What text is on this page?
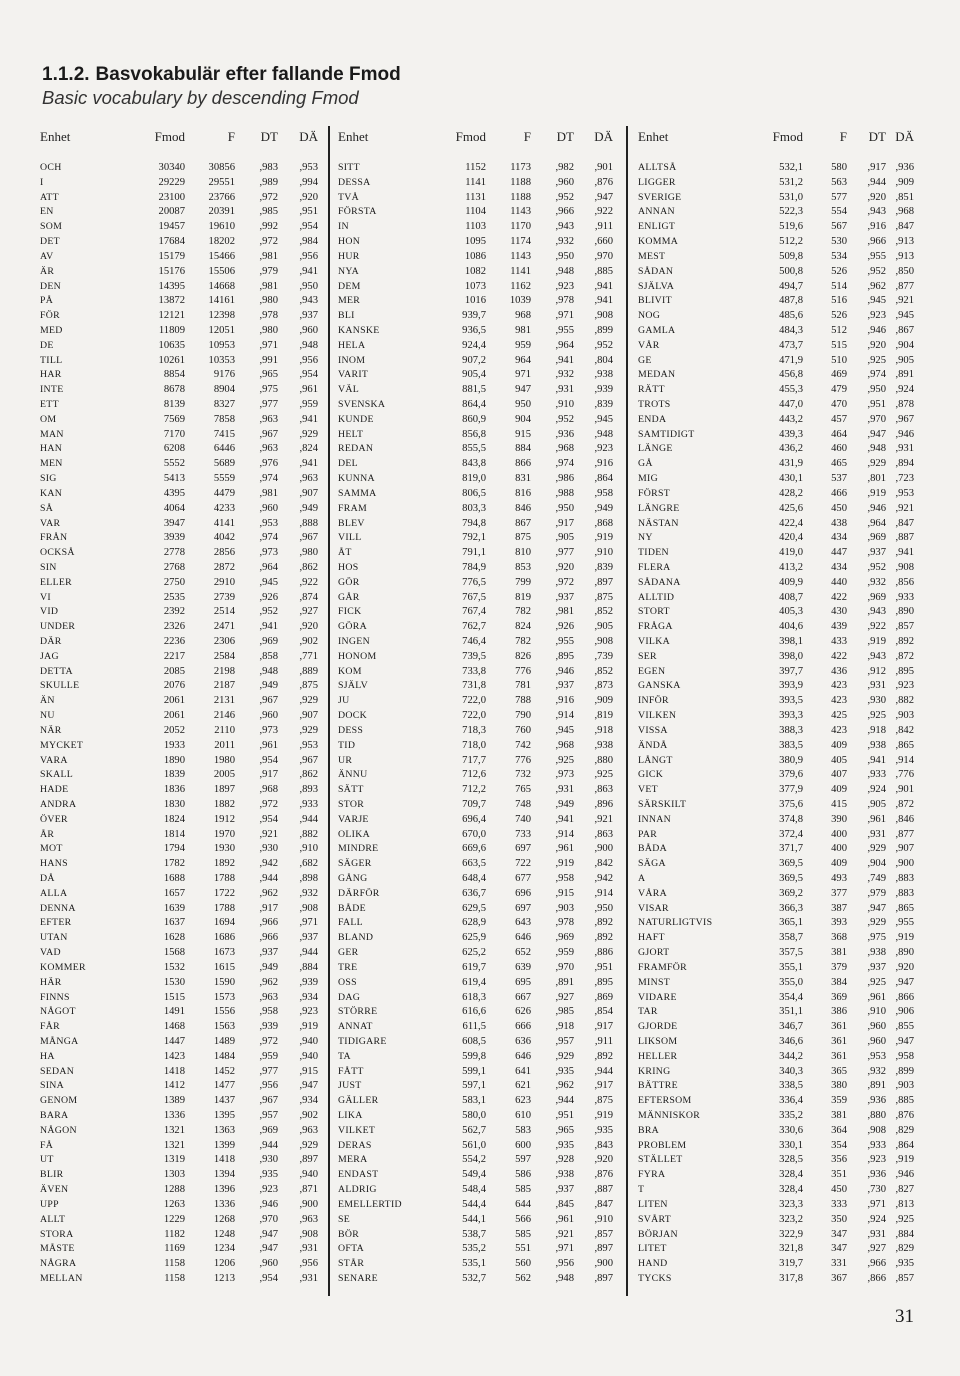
1.1.2. Basvokabulär efter fallande Fmod
Basic vocabulary by descending Fmod
Enhet	Fmod	F DT DÄ
OCH	30340 30856 ,983 ,953
I	29229 29551 ,989 ,994
ATT	23100 23766 ,972 ,920
EN	20087 20391 ,985 ,951
SOM	19457 19610 ,992 ,954
DET	17684 18202 ,972 ,984
AV	15179 15466 ,981 ,956
ÄR	15176 15506 ,979 ,941
DEN	14395 14668 ,981 ,950
PÅ	13872 14161 ,980 ,943
FÖR	12121 12398 ,978 ,937
MED	11809 12051 ,980 ,960
DE	10635 10953 ,971 ,948
TILL	10261 10353 ,991 ,956
HAR	8854	9176 ,965 ,954
INTE	8678	8904 ,975 ,961
ETT	8139	8327 ,977 ,959
OM	7569	7858 ,963 ,941
MAN	7170	7415 ,967 ,929
HAN	6208	6446 ,963 ,824
MEN	5552	5689 ,976 ,941
SIG	5413	5559 ,974 ,963
KAN	4395	4479 ,981 ,907
SÅ	4064	4233 ,960 ,949
VAR	3947	4141 ,953 ,888
FRÅN	3939	4042 ,974 ,967
OCKSÅ	2778	2856 ,973 ,980
SIN	2768	2872 ,964 ,862
ELLER	2750	2910 ,945 ,922
VI	2535	2739 ,926 ,874
VID	2392	2514 ,952 ,927
UNDER	2326	2471 ,941 ,920
DÄR	2236	2306 ,969 ,902
JAG	2217	2584 ,858 ,771
DETTA	2085	2198 ,948 ,889
SKULLE	2076	2187 ,949 ,875
ÄN	2061	2131 ,967 ,929
NU	2061	2146 ,960 ,907
NÄR	2052	2110 ,973 ,929
MYCKET	1933	2011 ,961 ,953
VARA	1890	1980 ,954 ,967
SKALL	1839	2005 ,917 ,862
HADE	1836	1897 ,968 ,893
ANDRA	1830	1882 ,972 ,933
ÖVER	1824	1912 ,954 ,944
ÅR	1814	1970 ,921 ,882
MOT	1794	1930 ,930 ,910
HANS	1782	1892 ,942 ,682
DÅ	1688	1788 ,944 ,898
ALLA	1657	1722 ,962 ,932
DENNA	1639	1788 ,917 ,908
EFTER	1637	1694 ,966 ,971
UTAN	1628	1686 ,966 ,937
VAD	1568	1673 ,937 ,944
KOMMER	1532	1615 ,949 ,884
HÄR	1530	1590 ,962 ,939
FINNS	1515	1573 ,963 ,934
NÅGOT	1491	1556 ,958 ,923
FÅR	1468	1563 ,939 ,919
MÅNGA	1447	1489 ,972 ,940
HA	1423	1484 ,959 ,940
SEDAN	1418	1452 ,977 ,915
SINA	1412	1477 ,956 ,947
GENOM	1389	1437 ,967 ,934
BARA	1336	1395 ,957 ,902
NÅGON	1321	1363 ,969 ,963
FÅ	1321	1399 ,944 ,929
UT	1319	1418 ,930 ,897
BLIR	1303	1394 ,935 ,940
ÄVEN	1288	1396 ,923 ,871
UPP	1263	1336 ,946 ,900
ALLT	1229	1268 ,970 ,963
STORA	1182	1248 ,947 ,908
MÅSTE	1169	1234 ,947 ,931
NÅGRA	1158	1206 ,960 ,956
MELLAN	1158	1213 ,954 ,931
Enhet	Fmod	F DT DÄ
SITT	1152 1173 ,982 ,901
DESSA	1141 1188 ,960 ,876
TVÅ	1131 1188 ,952 ,947
FÖRSTA	1104 1143 ,966 ,922
IN	1103 1170 ,943 ,911
HON	1095 1174 ,932 ,660
HUR	1086 1143 ,950 ,970
NYA	1082 1141 ,948 ,885
DEM	1073 1162 ,923 ,941
MER	1016 1039 ,978 ,941
BLI	939,7	968 ,971 ,908
KANSKE	936,5	981 ,955 ,899
HELA	924,4	959 ,964 ,952
INOM	907,2	964 ,941 ,804
VARIT	905,4	971 ,932 ,938
VÄL	881,5	947 ,931 ,939
SVENSKA	864,4	950 ,910 ,839
KUNDE	860,9	904 ,952 ,945
HELT	856,8	915 ,936 ,948
REDAN	855,5	884 ,968 ,923
DEL	843,8	866 ,974 ,916
KUNNA	819,0	831 ,986 ,864
SAMMA	806,5	816 ,988 ,958
FRAM	803,3	846 ,950 ,949
BLEV	794,8	867 ,917 ,868
VILL	792,1	875 ,905 ,919
ÅT	791,1	810 ,977 ,910
HOS	784,9	853 ,920 ,839
GÖR	776,5	799 ,972 ,897
GÅR	767,5	819 ,937 ,875
FICK	767,4	782 ,981 ,852
GÖRA	762,7	824 ,926 ,905
INGEN	746,4	782 ,955 ,908
HONOM	739,5	826 ,895 ,739
KOM	733,8	776 ,946 ,852
SJÄLV	731,8	781 ,937 ,873
JU	722,0	788 ,916 ,909
DOCK	722,0	790 ,914 ,819
DESS	718,3	760 ,945 ,918
TID	718,0	742 ,968 ,938
UR	717,7	776 ,925 ,880
ÄNNU	712,6	732 ,973 ,925
SÄTT	712,2	765 ,931 ,863
STOR	709,7	748 ,949 ,896
VARJE	696,4	740 ,941 ,921
OLIKA	670,0	733 ,914 ,863
MINDRE	669,6	697 ,961 ,900
SÄGER	663,5	722 ,919 ,842
GÅNG	648,4	677 ,958 ,942
DÄRFÖR	636,7	696 ,915 ,914
BÅDE	629,5	697 ,903 ,950
FALL	628,9	643 ,978 ,892
BLAND	625,9	646 ,969 ,892
GER	625,2	652 ,959 ,886
TRE	619,7	639 ,970 ,951
OSS	619,4	695 ,891 ,895
DAG	618,3	667 ,927 ,869
STÖRRE	616,6	626 ,985 ,854
ANNAT	611,5	666 ,918 ,917
TIDIGARE	608,5	636 ,957 ,911
TA	599,8	646 ,929 ,892
FÅTT	599,1	641 ,935 ,944
JUST	597,1	621 ,962 ,917
GÄLLER	583,1	623 ,944 ,875
LIKA	580,0	610 ,951 ,919
VILKET	562,7	583 ,965 ,935
DERAS	561,0	600 ,935 ,843
MERA	554,2	597 ,928 ,920
ENDAST	549,4	586 ,938 ,876
ALDRIG	548,4	585 ,937 ,887
EMELLERTID	544,4	644 ,845 ,847
SE	544,1	566 ,961 ,910
BÖR	538,7	585 ,921 ,857
OFTA	535,2	551 ,971 ,897
STÅR	535,1	560 ,956 ,900
SENARE	532,7	562 ,948 ,897
Enhet	Fmod	F DT DÄ
ALLTSÅ	532,1	580 ,917 ,936
LIGGER	531,2	563 ,944 ,909
SVERIGE	531,0	577 ,920 ,851
ANNAN	522,3	554 ,943 ,968
ENLIGT	519,6	567 ,916 ,847
KOMMA	512,2	530 ,966 ,913
MEST	509,8	534 ,955 ,913
SÅDAN	500,8	526 ,952 ,850
SJÄLVA	494,7	514 ,962 ,877
BLIVIT	487,8	516 ,945 ,921
NOG	485,6	526 ,923 ,945
GAMLA	484,3	512 ,946 ,867
VÅR	473,7	515 ,920 ,904
GE	471,9	510 ,925 ,905
MEDAN	456,8	469 ,974 ,891
RÄTT	455,3	479 ,950 ,924
TROTS	447,0	470 ,951 ,878
ENDA	443,2	457 ,970 ,967
SAMTIDIGT	439,3	464 ,947 ,946
LÄNGE	436,2	460 ,948 ,931
GÅ	431,9	465 ,929 ,894
MIG	430,1	537 ,801 ,723
FÖRST	428,2	466 ,919 ,953
LÄNGRE	425,6	450 ,946 ,921
NÄSTAN	422,4	438 ,964 ,847
NY	420,4	434 ,969 ,887
TIDEN	419,0	447 ,937 ,941
FLERA	413,2	434 ,952 ,908
SÅDANA	409,9	440 ,932 ,856
ALLTID	408,7	422 ,969 ,933
STORT	405,3	430 ,943 ,890
FRÅGA	404,6	439 ,922 ,857
VILKA	398,1	433 ,919 ,892
SER	398,0	422 ,943 ,872
EGEN	397,7	436 ,912 ,895
GANSKA	393,9	423 ,931 ,923
INFÖR	393,5	423 ,930 ,882
VILKEN	393,3	425 ,925 ,903
VISSA	388,3	423 ,918 ,842
ÄNDÅ	383,5	409 ,938 ,865
LÅNGT	380,9	405 ,941 ,914
GICK	379,6	407 ,933 ,776
VET	377,9	409 ,924 ,901
SÄRSKILT	375,6	415 ,905 ,872
INNAN	374,8	390 ,961 ,846
PAR	372,4	400 ,931 ,877
BÅDA	371,7	400 ,929 ,907
SÄGA	369,5	409 ,904 ,900
A	369,5	493 ,749 ,883
VÅRA	369,2	377 ,979 ,883
VISAR	366,3	387 ,947 ,865
NATURLIGTVIS	365,1	393 ,929 ,955
HAFT	358,7	368 ,975 ,919
GJORT	357,5	381 ,938 ,890
FRAMFÖR	355,1	379 ,937 ,920
MINST	355,0	384 ,925 ,947
VIDARE	354,4	369 ,961 ,866
TAR	351,1	386 ,910 ,906
GJORDE	346,7	361 ,960 ,855
LIKSOM	346,6	361 ,960 ,947
HELLER	344,2	361 ,953 ,958
KRING	340,3	365 ,932 ,899
BÄTTRE	338,5	380 ,891 ,903
EFTERSOM	336,4	359 ,936 ,885
MÄNNISKOR	335,2	381 ,880 ,876
BRA	330,6	364 ,908 ,829
PROBLEM	330,1	354 ,933 ,864
STÄLLET	328,5	356 ,923 ,919
FYRA	328,4	351 ,936 ,946
T	328,4	450 ,730 ,827
LITEN	323,3	333 ,971 ,813
SVÅRT	323,2	350 ,924 ,925
BÖRJAN	322,9	347 ,931 ,884
LITET	321,8	347 ,927 ,829
HAND	319,7	331 ,966 ,935
TYCKS	317,8	367 ,866 ,857
31
